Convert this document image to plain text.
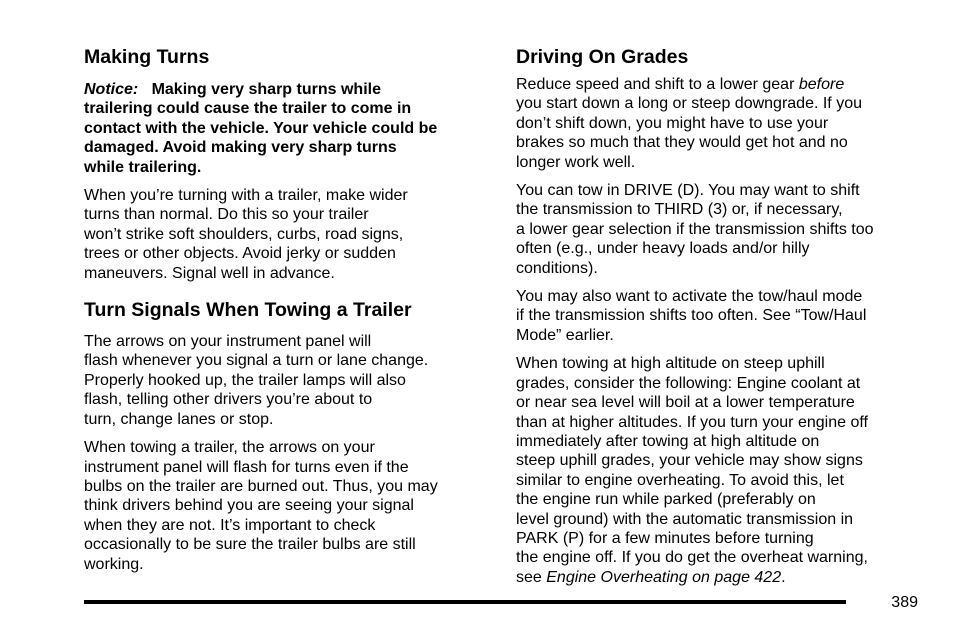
Making Turns

Notice: Making very sharp turns while
trailering could cause the trailer to come in
contact with the vehicle. Your vehicle could be
damaged. Avoid making very sharp turns
while trailering.

When you’re turning with a trailer, make wider
turns than normal. Do this so your trailer
won’t strike soft shoulders, curbs, road signs,
trees or other objects. Avoid jerky or sudden
maneuvers. Signal well in advance.

Turn Signals When Towing a Trailer

The arrows on your instrument panel will
flash whenever you signal a turn or lane change.
Properly hooked up, the trailer lamps will also
flash, telling other drivers you’re about to
turn, change lanes or stop.

When towing a trailer, the arrows on your
instrument panel will flash for turns even if the
bulbs on the trailer are burned out. Thus, you may
think drivers behind you are seeing your signal
when they are not. It’s important to check
occasionally to be sure the trailer bulbs are still
working.

Driving On Grades

Reduce speed and shift to a lower gear before
you start down a long or steep downgrade. If you
don’t shift down, you might have to use your
brakes so much that they would get hot and no
longer work well.

You can tow in DRIVE (D). You may want to shift
the transmission to THIRD (3) or, if necessary,
a lower gear selection if the transmission shifts too
often (e.g., under heavy loads and/or hilly
conditions).

You may also want to activate the tow/haul mode
if the transmission shifts too often. See “Tow/Haul
Mode” earlier.

When towing at high altitude on steep uphill
grades, consider the following: Engine coolant at
or near sea level will boil at a lower temperature
than at higher altitudes. If you turn your engine off
immediately after towing at high altitude on
steep uphill grades, your vehicle may show signs
similar to engine overheating. To avoid this, let
the engine run while parked (preferably on
level ground) with the automatic transmission in
PARK (P) for a few minutes before turning
the engine off. If you do get the overheat warning,
see Engine Overheating on page 422.

389
